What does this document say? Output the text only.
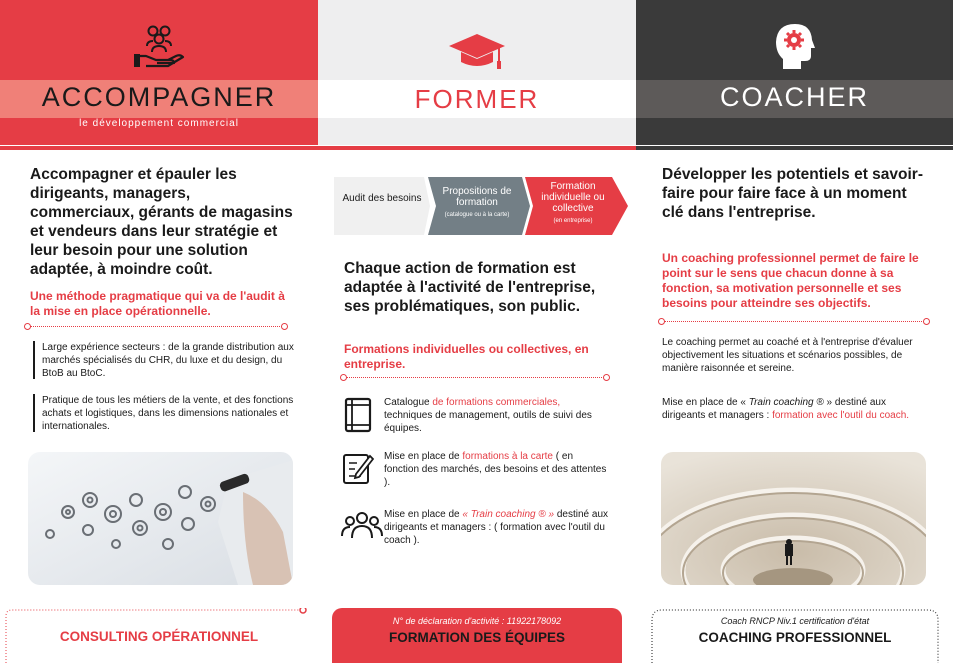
ACCOMPAGNER
le développement commercial
Accompagner et épauler les dirigeants, managers, commerciaux, gérants de magasins et vendeurs dans leur stratégie et leur besoin pour une solution adaptée, à moindre coût.
Une méthode pragmatique qui va de l'audit à la mise en place opérationnelle.
Large expérience secteurs : de la grande distribution aux marchés spécialisés du CHR, du luxe et du design, du BtoB au BtoC.
Pratique de tous les métiers de la vente, et des fonctions achats et logistiques, dans les dimensions nationales et internationales.
CONSULTING OPÉRATIONNEL
FORMER
Audit des besoins
Propositions de formation
(catalogue ou à la carte)
Formation individuelle ou collective
(en entreprise)
Chaque action de formation est adaptée à l'activité de l'entreprise, ses problématiques, son public.
Formations individuelles ou collectives, en entreprise.
Catalogue de formations commerciales, techniques de management, outils de suivi des équipes.
Mise en place de formations à la carte ( en fonction des marchés, des besoins et des attentes ).
Mise en place de « Train coaching ® » destiné aux dirigeants et managers : ( formation avec l'outil du coach ).
N° de déclaration d'activité : 11922178092
FORMATION DES ÉQUIPES
COACHER
Développer les potentiels et savoir-faire pour faire face à un moment clé dans l'entreprise.
Un coaching professionnel permet de faire le point sur le sens que chacun donne à sa fonction, sa motivation personnelle et ses besoins pour atteindre ses objectifs.
Le coaching permet au coaché et à l'entreprise d'évaluer objectivement les situations et scénarios possibles, de manière raisonnée et sereine.
Mise en place de « Train coaching ® » destiné aux dirigeants et managers : formation avec l'outil du coach.
Coach RNCP Niv.1 certification d'état
COACHING PROFESSIONNEL
